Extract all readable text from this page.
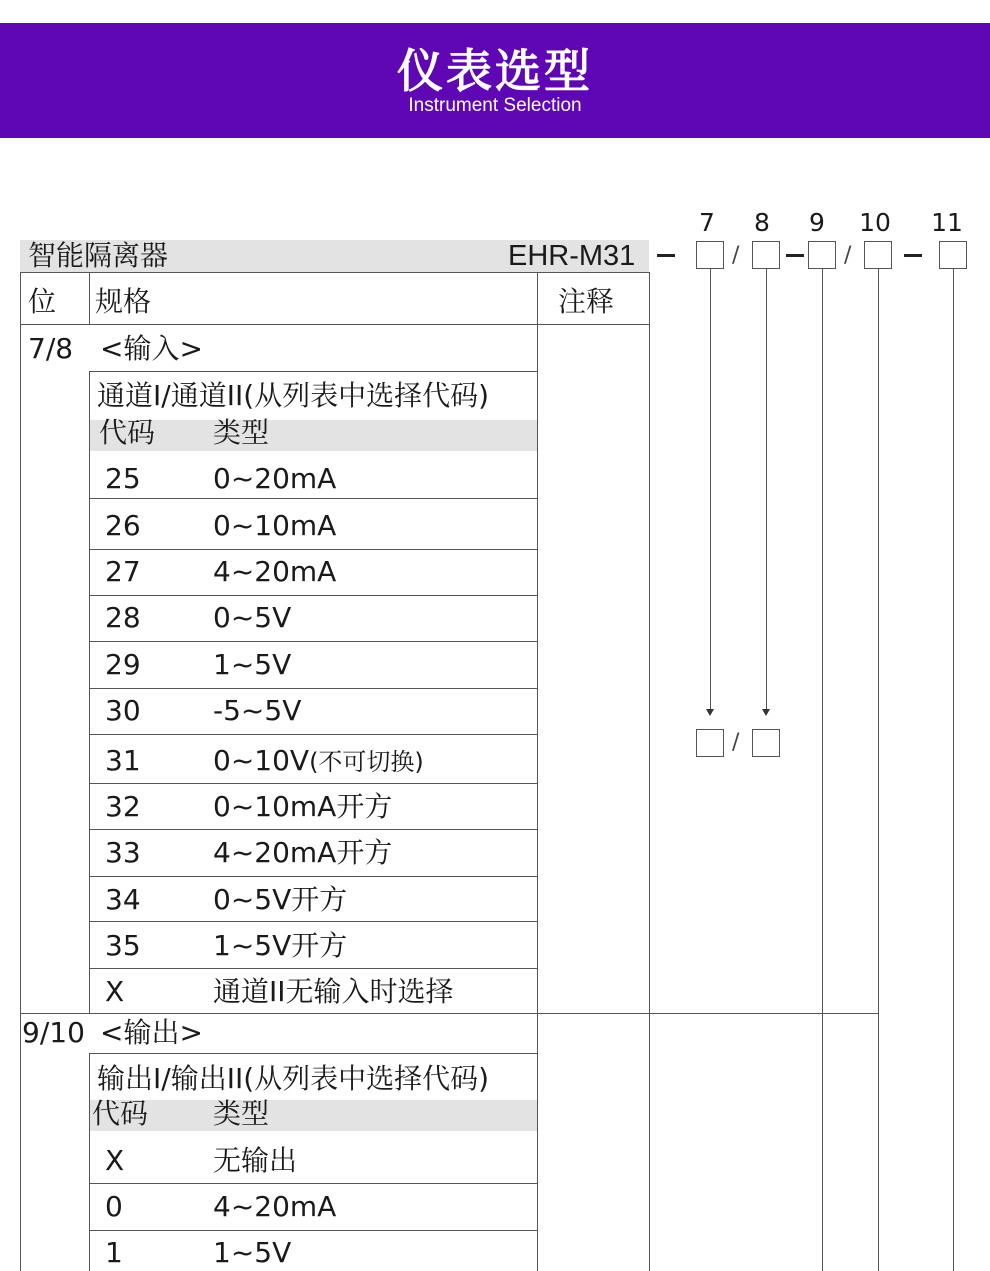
仪表选型
Instrument Selection
智能隔离器	EHR-M31
7	8	9	10 11
/	/
/
位 规格	注释
7/8 <输入>
通道I/通道II(从列表中选择代码)
代码 类型
25	0~20mA
26	0~10mA
27	4~20mA
28	0~5V
29	1~5V
30	-5~5V
31	0~10V(不可切换)
32	0~10mA开方
33	4~20mA开方
34	0~5V开方
35	1~5V开方
X	通道II无输入时选择
9/10 <输出>
输出I/输出II(从列表中选择代码)
代码 类型
X	无输出
0	4~20mA
1	1~5V
